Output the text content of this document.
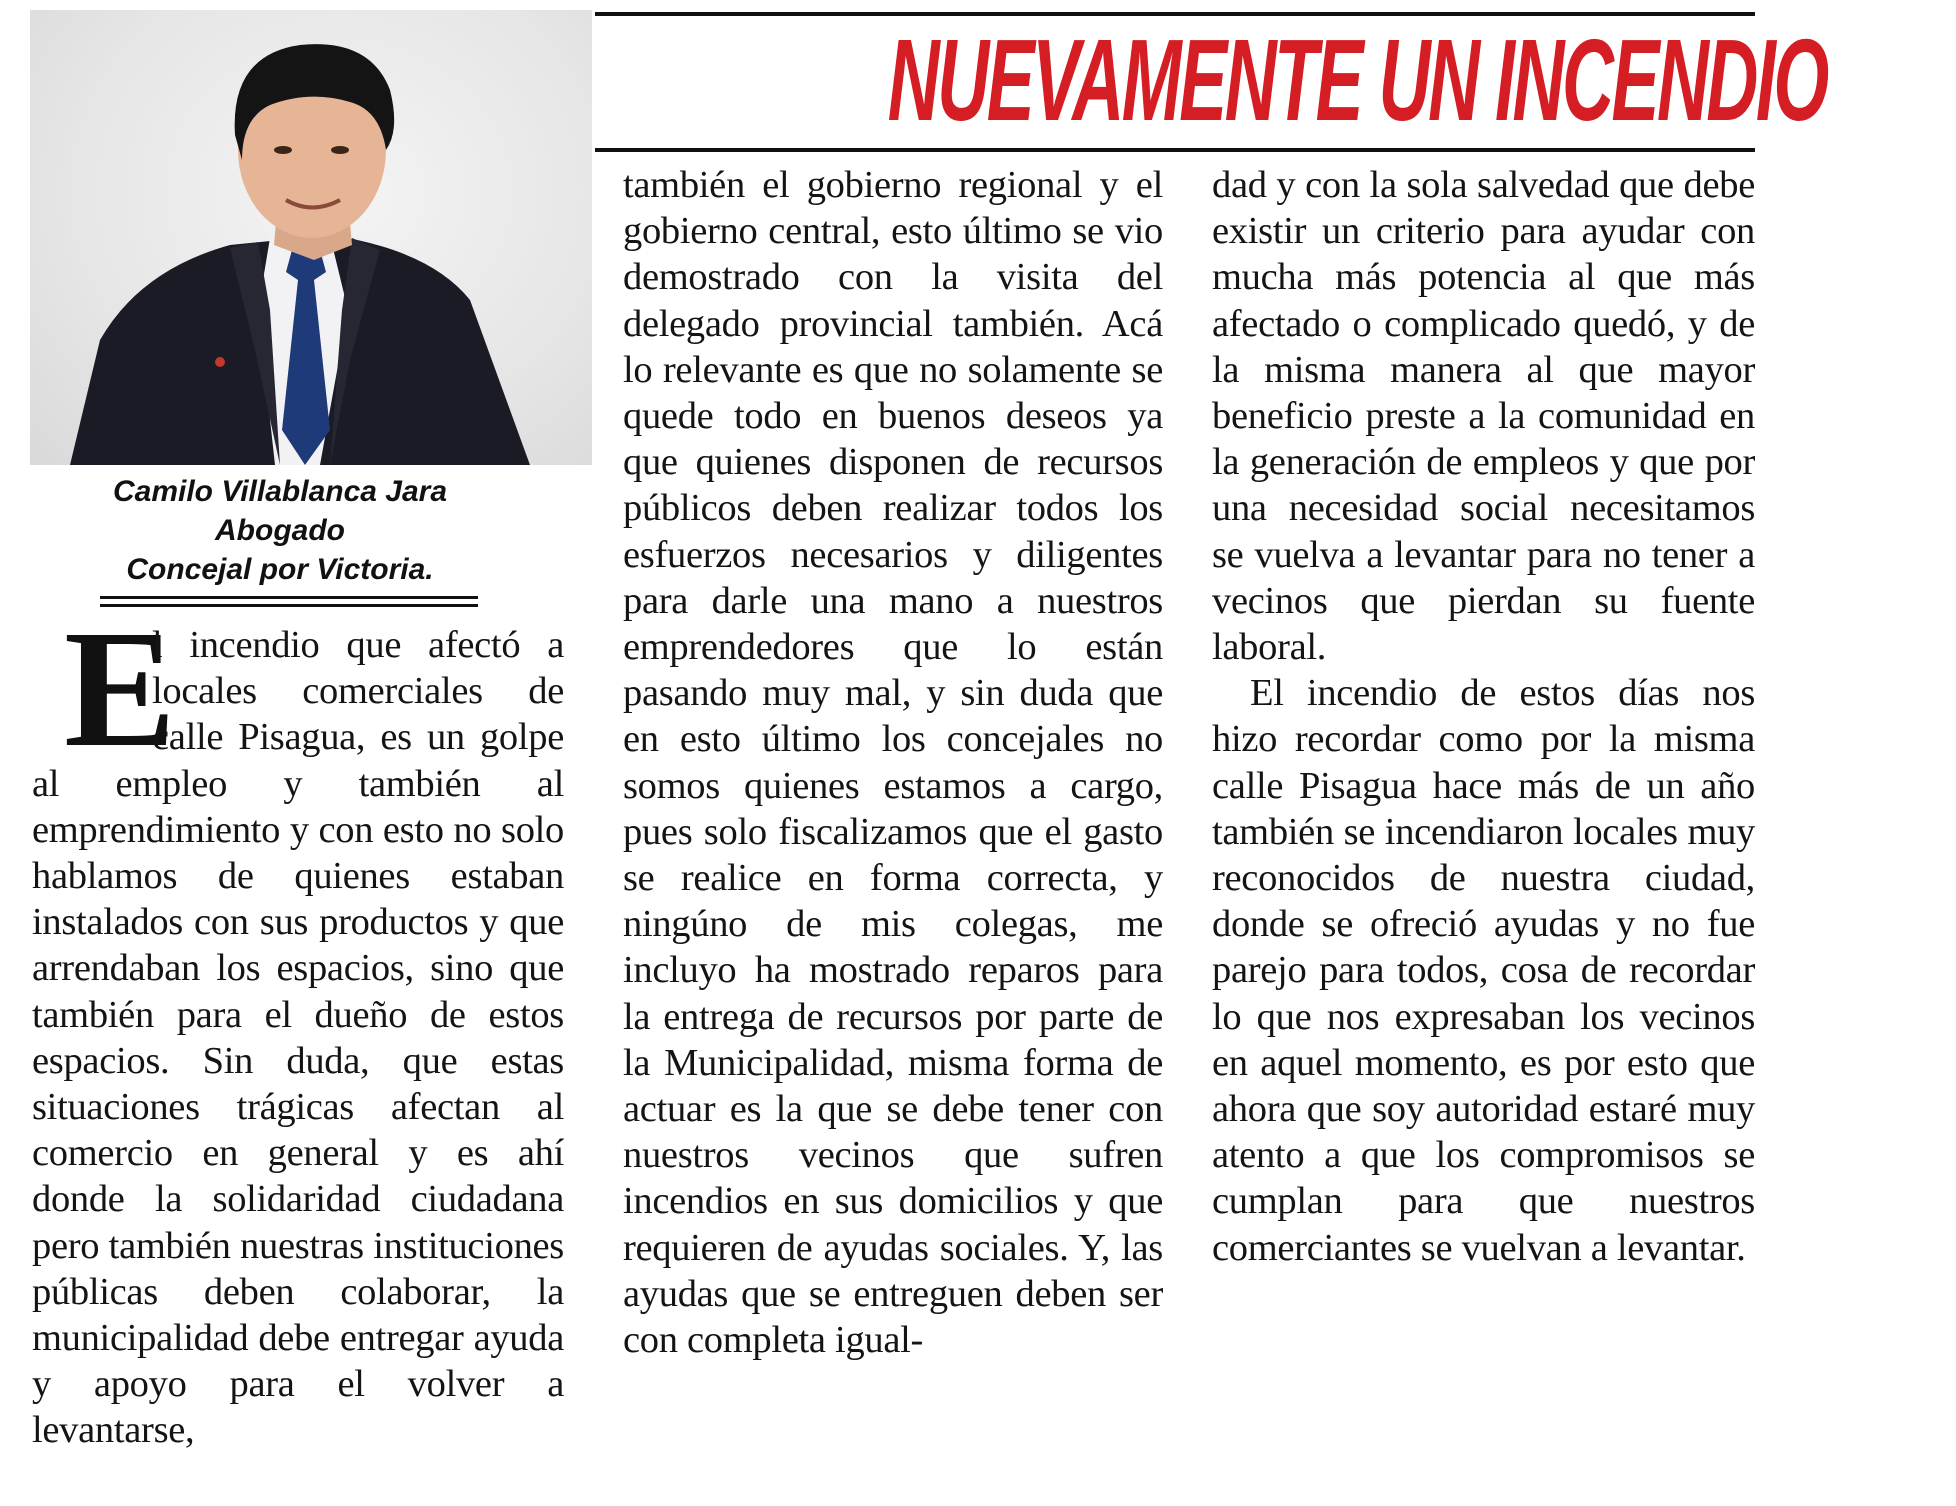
Camilo Villablanca Jara
Abogado
Concejal por Victoria.
NUEVAMENTE UN INCENDIO
E

l incendio que afectó a locales comerciales de calle Pisagua, es un golpe al empleo y también al emprendimiento y con esto no solo hablamos de quienes estaban instalados con sus productos y que arrendaban los espacios, sino que también para el dueño de estos espacios. Sin duda, que estas situaciones trágicas afectan al comercio en general y es ahí donde la solidaridad ciudadana pero también nuestras instituciones públicas deben colaborar, la municipalidad debe entregar ayuda y apoyo para el volver a levantarse,

también el gobierno regional y el gobierno central, esto último se vio demostrado con la visita del delegado provincial también. Acá lo relevante es que no solamente se quede todo en buenos deseos ya que quienes disponen de recursos públicos deben realizar todos los esfuerzos necesarios y diligentes para darle una mano a nuestros emprendedores que lo están pasando muy mal, y sin duda que en esto último los concejales no somos quienes estamos a cargo, pues solo fiscalizamos que el gasto se realice en forma correcta, y ningúno de mis colegas, me incluyo ha mostrado reparos para la entrega de recursos por parte de la Municipalidad, misma forma de actuar es la que se debe tener con nuestros vecinos que sufren incendios en sus domicilios y que requieren de ayudas sociales. Y, las ayudas que se entreguen deben ser con completa igual-

dad y con la sola salvedad que debe existir un criterio para ayudar con mucha más potencia al que más afectado o complicado quedó, y de la misma manera al que mayor beneficio preste a la comunidad en la generación de empleos y que por una necesidad social necesitamos se vuelva a levantar para no tener a vecinos que pierdan su fuente laboral.

El incendio de estos días nos hizo recordar como por la misma calle Pisagua hace más de un año también se incendiaron locales muy reconocidos de nuestra ciudad, donde se ofreció ayudas y no fue parejo para todos, cosa de recordar lo que nos expresaban los vecinos en aquel momento, es por esto que ahora que soy autoridad estaré muy atento a que los compromisos se cumplan para que nuestros comerciantes se vuelvan a levantar.
